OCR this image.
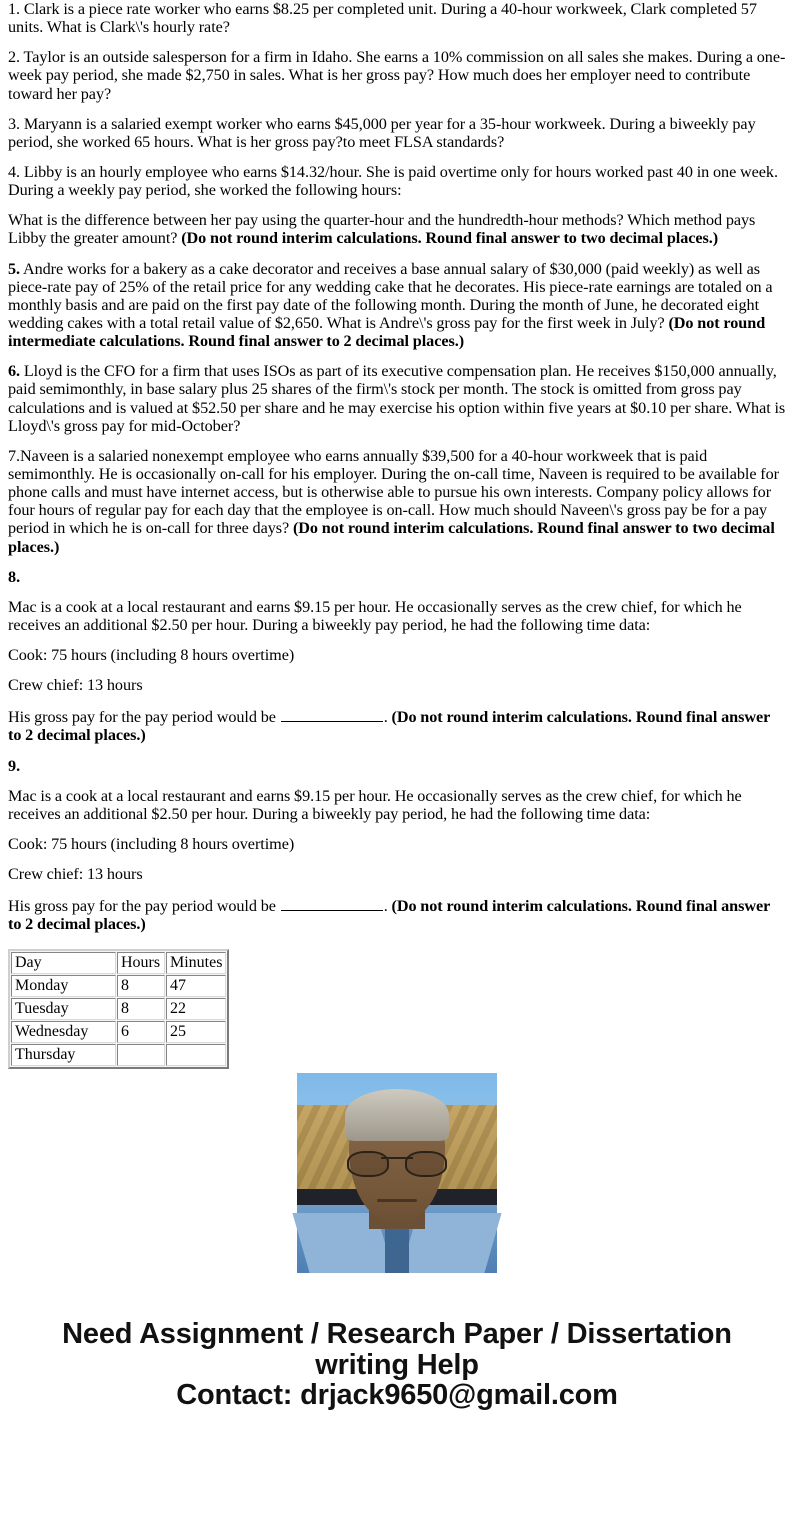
1. Clark is a piece rate worker who earns $8.25 per completed unit. During a 40-hour workweek, Clark completed 57 units. What is Clark\'s hourly rate?

2. Taylor is an outside salesperson for a firm in Idaho. She earns a 10% commission on all sales she makes. During a one-week pay period, she made $2,750 in sales. What is her gross pay? How much does her employer need to contribute toward her pay?

3. Maryann is a salaried exempt worker who earns $45,000 per year for a 35-hour workweek. During a biweekly pay period, she worked 65 hours. What is her gross pay?to meet FLSA standards?

4. Libby is an hourly employee who earns $14.32/hour. She is paid overtime only for hours worked past 40 in one week. During a weekly pay period, she worked the following hours:

What is the difference between her pay using the quarter-hour and the hundredth-hour methods? Which method pays Libby the greater amount? (Do not round interim calculations. Round final answer to two decimal places.)

5. Andre works for a bakery as a cake decorator and receives a base annual salary of $30,000 (paid weekly) as well as piece-rate pay of 25% of the retail price for any wedding cake that he decorates. His piece-rate earnings are totaled on a monthly basis and are paid on the first pay date of the following month. During the month of June, he decorated eight wedding cakes with a total retail value of $2,650. What is Andre\'s gross pay for the first week in July? (Do not round intermediate calculations. Round final answer to 2 decimal places.)

6. Lloyd is the CFO for a firm that uses ISOs as part of its executive compensation plan. He receives $150,000 annually, paid semimonthly, in base salary plus 25 shares of the firm\'s stock per month. The stock is omitted from gross pay calculations and is valued at $52.50 per share and he may exercise his option within five years at $0.10 per share. What is Lloyd\'s gross pay for mid-October?

7.Naveen is a salaried nonexempt employee who earns annually $39,500 for a 40-hour workweek that is paid semimonthly. He is occasionally on-call for his employer. During the on-call time, Naveen is required to be available for phone calls and must have internet access, but is otherwise able to pursue his own interests. Company policy allows for four hours of regular pay for each day that the employee is on-call. How much should Naveen\'s gross pay be for a pay period in which he is on-call for three days? (Do not round interim calculations. Round final answer to two decimal places.)

8.

Mac is a cook at a local restaurant and earns $9.15 per hour. He occasionally serves as the crew chief, for which he receives an additional $2.50 per hour. During a biweekly pay period, he had the following time data:

Cook: 75 hours (including 8 hours overtime)

Crew chief: 13 hours

His gross pay for the pay period would be	. (Do not round interim calculations. Round final answer to 2 decimal places.)

9.

Mac is a cook at a local restaurant and earns $9.15 per hour. He occasionally serves as the crew chief, for which he receives an additional $2.50 per hour. During a biweekly pay period, he had the following time data:

Cook: 75 hours (including 8 hours overtime)

Crew chief: 13 hours

His gross pay for the pay period would be	. (Do not round interim calculations. Round final answer to 2 decimal places.)

Day	Hours	Minutes
Monday	8	47
Tuesday	8	22
Wednesday	6	25
Thursday		
Need Assignment / Research Paper / Dissertation
writing Help
Contact: drjack9650@gmail.com
